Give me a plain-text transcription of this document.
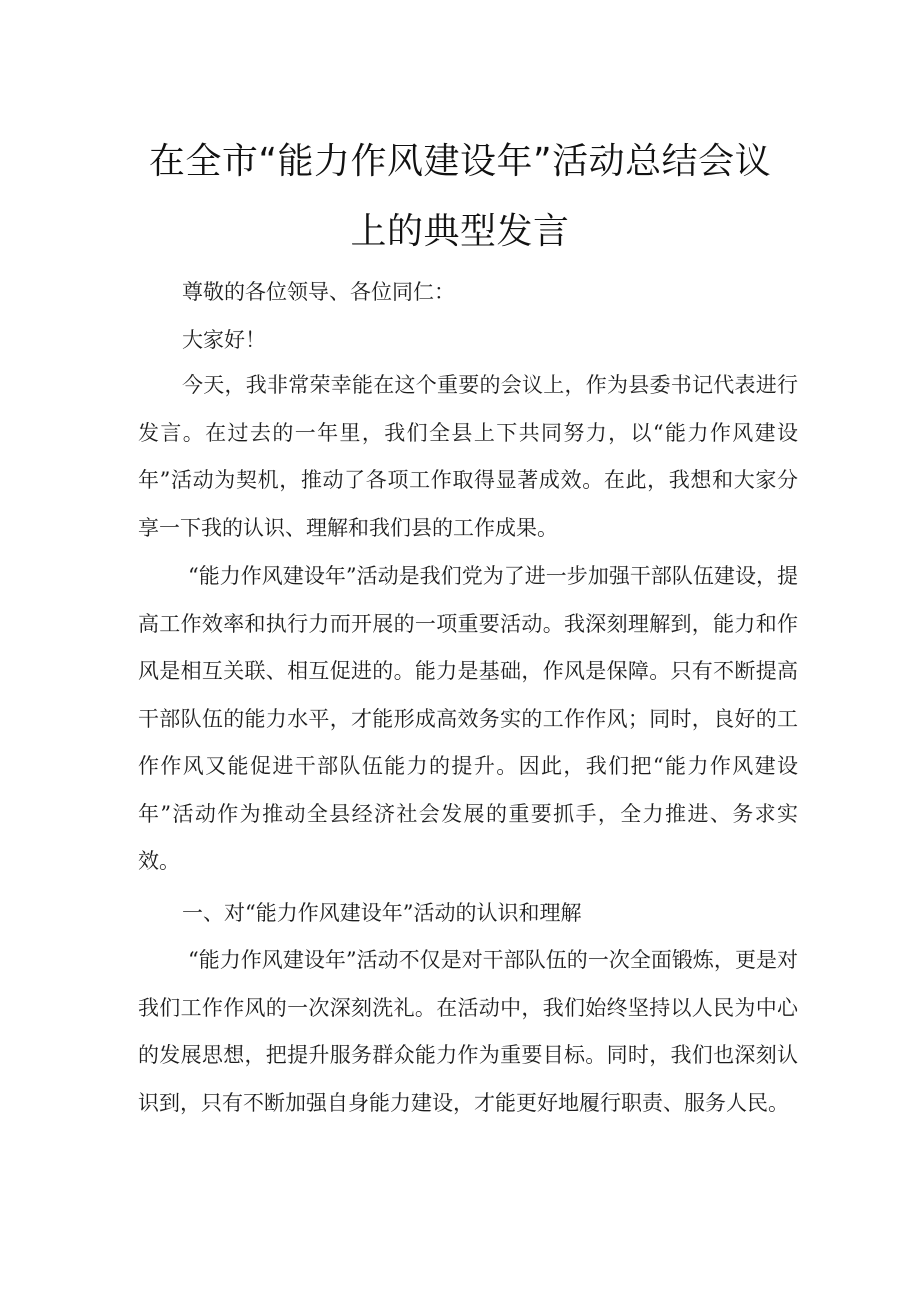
在全市“能力作风建设年”活动总结会议
上的典型发言

尊敬的各位领导、各位同仁：

大家好！

今天，我非常荣幸能在这个重要的会议上，作为县委书记代表进行发言。在过去的一年里，我们全县上下共同努力，以“能力作风建设年”活动为契机，推动了各项工作取得显著成效。在此，我想和大家分享一下我的认识、理解和我们县的工作成果。

“能力作风建设年”活动是我们党为了进一步加强干部队伍建设，提高工作效率和执行力而开展的一项重要活动。我深刻理解到，能力和作风是相互关联、相互促进的。能力是基础，作风是保障。只有不断提高干部队伍的能力水平，才能形成高效务实的工作作风；同时，良好的工作作风又能促进干部队伍能力的提升。因此，我们把“能力作风建设年”活动作为推动全县经济社会发展的重要抓手，全力推进、务求实效。

一、对“能力作风建设年”活动的认识和理解

“能力作风建设年”活动不仅是对干部队伍的一次全面锻炼，更是对我们工作作风的一次深刻洗礼。在活动中，我们始终坚持以人民为中心的发展思想，把提升服务群众能力作为重要目标。同时，我们也深刻认识到，只有不断加强自身能力建设，才能更好地履行职责、服务人民。
